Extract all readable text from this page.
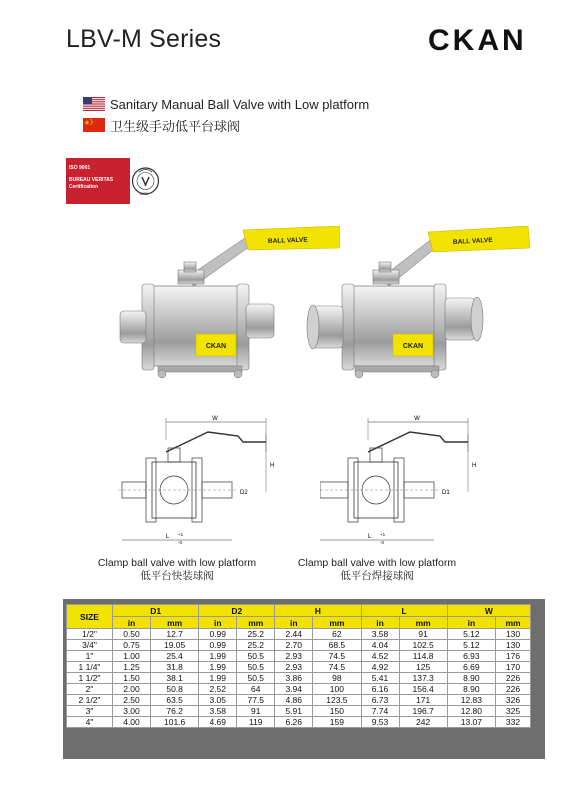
LBV-M Series	CKAN
Sanitary Manual Ball Valve with Low platform
卫生级手动低平台球阀
ISO 9001
BUREAU VERITAS
Certification
1828
BALL VALVE
CKAN
BALL VALVE
CKAN
W
H
D2
L +1
-0
W
H
D1
L +1
-0
Clamp ball valve with low platform
低平台快装球阀
Clamp ball valve with low platform
低平台焊接球阀
SIZE	D1		D2		H		L		W	
	in	mm	in	mm	in	mm	in	mm	in	mm
1/2"	0.50	12.7	0.99	25.2	2.44	62	3.58	91	5.12	130
3/4"	0.75	19.05	0.99	25.2	2.70	68.5	4.04	102.5	5.12	130
1"	1.00	25.4	1.99	50.5	2.93	74.5	4.52	114.8	6.93	176
1 1/4"	1.25	31.8	1.99	50.5	2.93	74.5	4.92	125	6.69	170
1 1/2"	1.50	38.1	1.99	50.5	3.86	98	5.41	137.3	8.90	226
2"	2.00	50.8	2.52	64	3.94	100	6.16	156.4	8.90	226
2 1/2"	2.50	63.5	3.05	77.5	4.86	123.5	6.73	171	12.83	326
3"	3.00	76.2	3.58	91	5.91	150	7.74	196.7	12.80	325
4"	4.00	101.6	4.69	119	6.26	159	9.53	242	13.07	332
